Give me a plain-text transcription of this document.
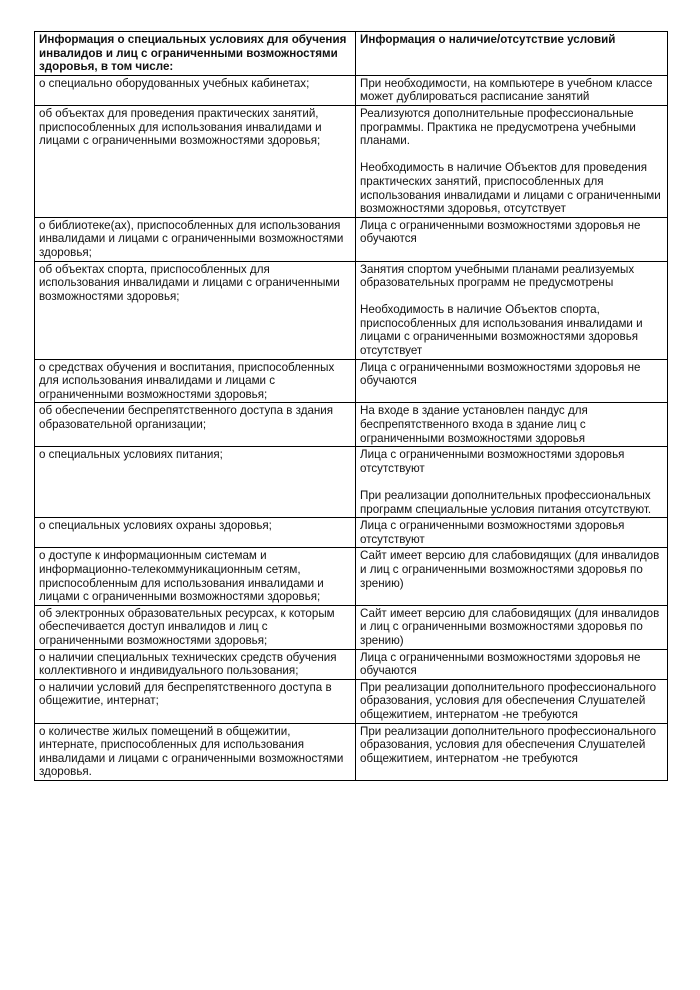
Информация о специальных условиях для обучения инвалидов и лиц с ограниченными возможностями здоровья, в том числе:	Информация о наличие/отсутствие условий
о специально оборудованных учебных кабинетах;	При необходимости, на компьютере в учебном классе может дублироваться расписание занятий

об объектах для проведения практических занятий, приспособленных для использования инвалидами и лицами с ограниченными возможностями здоровья;	Реализуются дополнительные профессиональные программы. Практика не предусмотрена учебными планами.
Необходимость в наличие Объектов для проведения практических занятий, приспособленных для использования инвалидами и лицами с ограниченными возможностями здоровья, отсутствует

о библиотеке(ах), приспособленных для использования инвалидами и лицами с ограниченными возможностями здоровья;	Лица с ограниченными возможностями здоровья не обучаются

об объектах спорта, приспособленных для использования инвалидами и лицами с ограниченными возможностями здоровья;	Занятия спортом учебными планами реализуемых образовательных программ не предусмотрены
Необходимость в наличие Объектов спорта, приспособленных для использования инвалидами и лицами с ограниченными возможностями здоровья отсутствует

о средствах обучения и воспитания, приспособленных для использования инвалидами и лицами с ограниченными возможностями здоровья;	Лица с ограниченными возможностями здоровья не обучаются

об обеспечении беспрепятственного доступа в здания образовательной организации;	На входе в здание установлен пандус для беспрепятственного входа в здание лиц с ограниченными возможностями здоровья

о специальных условиях питания;	Лица с ограниченными возможностями здоровья отсутствуют
При реализации дополнительных профессиональных программ специальные условия питания отсутствуют.

о специальных условиях охраны здоровья;	Лица с ограниченными возможностями здоровья отсутствуют

о доступе к информационным системам и информационно-телекоммуникационным сетям, приспособленным для использования инвалидами и лицами с ограниченными возможностями здоровья;	Сайт имеет версию для слабовидящих (для инвалидов и лиц с ограниченными возможностями здоровья по зрению)

об электронных образовательных ресурсах, к которым обеспечивается доступ инвалидов и лиц с ограниченными возможностями здоровья;	Сайт имеет версию для слабовидящих (для инвалидов и лиц с ограниченными возможностями здоровья по зрению)

о наличии специальных технических средств обучения коллективного и индивидуального пользования;	Лица с ограниченными возможностями здоровья не обучаются

о наличии условий для беспрепятственного доступа в общежитие, интернат;	При реализации дополнительного профессионального образования, условия для обеспечения Слушателей общежитием, интернатом -не требуются

о количестве жилых помещений в общежитии, интернате, приспособленных для использования инвалидами и лицами с ограниченными возможностями здоровья.	При реализации дополнительного профессионального образования, условия для обеспечения Слушателей общежитием, интернатом -не требуются
